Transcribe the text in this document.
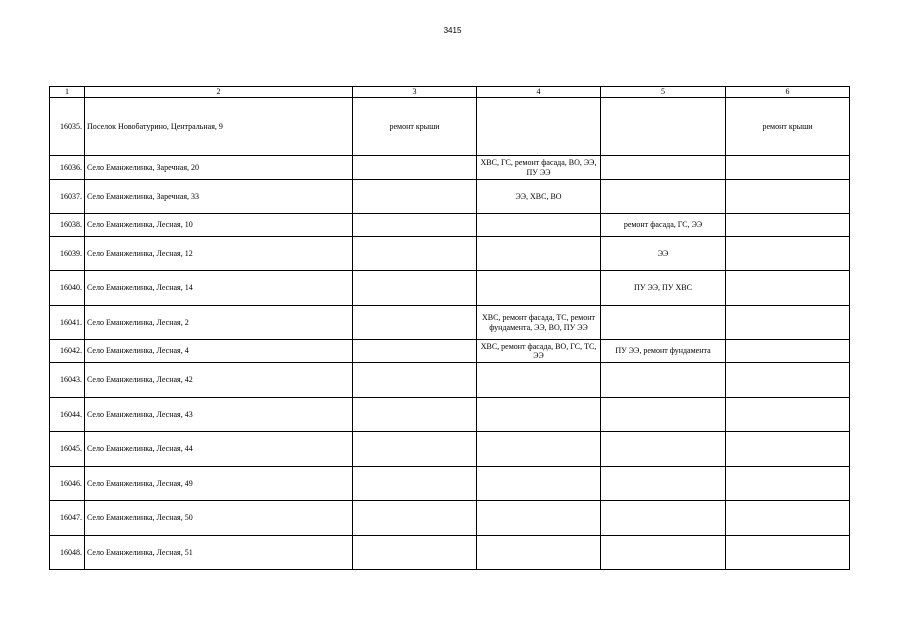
3415
1	2	3	4	5	6
16035.	Поселок Новобатурино, Центральная, 9	ремонт крыши			ремонт крыши
16036.	Село Еманжелинка, Заречная, 20		ХВС, ГС, ремонт фасада, ВО, ЭЭ, ПУ ЭЭ		
16037.	Село Еманжелинка, Заречная, 33		ЭЭ, ХВС, ВО		
16038.	Село Еманжелинка, Лесная, 10			ремонт фасада, ГС, ЭЭ	
16039.	Село Еманжелинка, Лесная, 12			ЭЭ	
16040.	Село Еманжелинка, Лесная, 14			ПУ ЭЭ, ПУ ХВС	
16041.	Село Еманжелинка, Лесная, 2		ХВС, ремонт фасада, ТС, ремонт фундамента, ЭЭ, ВО, ПУ ЭЭ		
16042.	Село Еманжелинка, Лесная, 4		ХВС, ремонт фасада, ВО, ГС, ТС, ЭЭ	ПУ ЭЭ, ремонт фундамента	
16043.	Село Еманжелинка, Лесная, 42				
16044.	Село Еманжелинка, Лесная, 43				
16045.	Село Еманжелинка, Лесная, 44				
16046.	Село Еманжелинка, Лесная, 49				
16047.	Село Еманжелинка, Лесная, 50				
16048.	Село Еманжелинка, Лесная, 51				
